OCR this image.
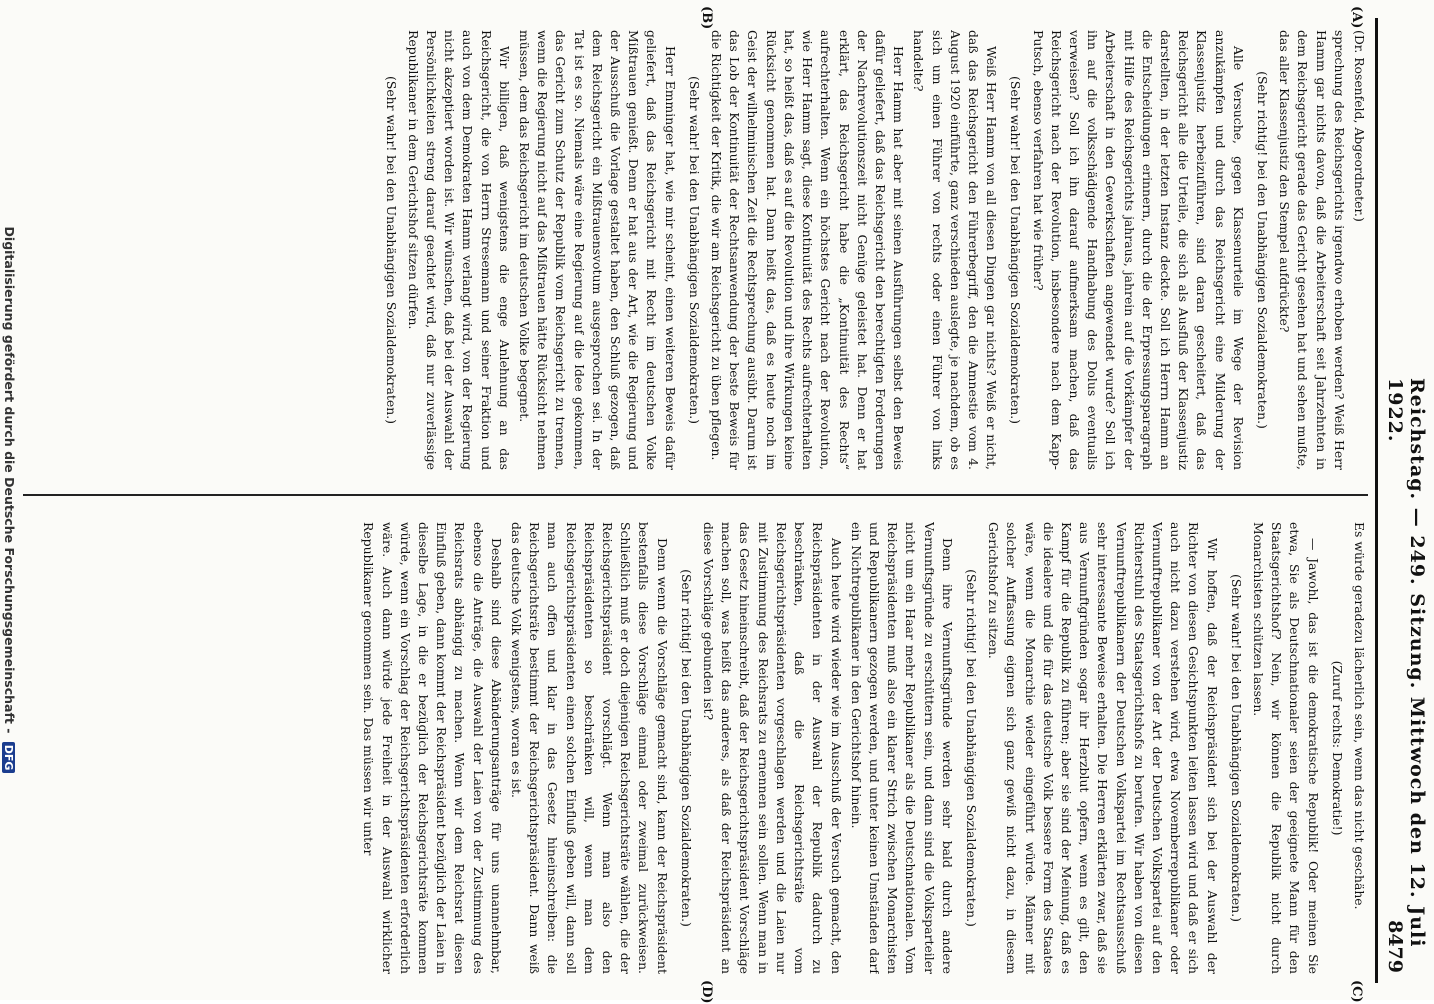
Reichstag. — 249. Sitzung. Mittwoch den 12. Juli 1922.
8479
(A)
(B)
(C)
(D)

(Dr. Rosenfeld, Abgeordneter.)

sprechung des Reichsgerichts irgendwo erhoben werden? Weiß Herr Hamm gar nichts davon, daß die Arbeiterschaft seit Jahrzehnten in dem Reichsgericht gerade das Gericht gesehen hat und sehen mußte, das aller Klassenjustiz den Stempel aufdrückte?

(Sehr richtig! bei den Unabhängigen Sozialdemokraten.)

Alle Versuche, gegen Klassenurteile im Wege der Revision anzukämpfen und durch das Reichsgericht eine Milderung der Klassenjustiz herbeizuführen, sind daran gescheitert, daß das Reichsgericht alle die Urteile, die sich als Ausfluß der Klassenjustiz darstellten, in der letzten Instanz deckte. Soll ich Herrn Hamm an die Entscheidungen erinnern, durch die der Erpressungsparagraph mit Hilfe des Reichsgerichts jahraus, jahrein auf die Vorkämpfer der Arbeiterschaft in den Gewerkschaften angewendet wurde? Soll ich ihn auf die volksschädigende Handhabung des Dolus eventualis verweisen? Soll ich ihn darauf aufmerksam machen, daß das Reichsgericht nach der Revolution, insbesondere nach dem Kapp-Putsch, ebenso verfahren hat wie früher?

(Sehr wahr! bei den Unabhängigen Sozialdemokraten.)

Weiß Herr Hamm von all diesen Dingen gar nichts? Weiß er nicht, daß das Reichsgericht den Führerbegriff, den die Amnestie vom 4. August 1920 einführte, ganz verschieden auslegte, je nachdem, ob es sich um einen Führer von rechts oder einen Führer von links handelte?

Herr Hamm hat aber mit seinen Ausführungen selbst den Beweis dafür geliefert, daß das Reichsgericht den berechtigten Forderungen der Nachrevolutionszeit nicht Genüge geleistet hat. Denn er hat erklärt, das Reichsgericht habe die „Kontinuität des Rechts“ aufrechterhalten. Wenn ein höchstes Gericht nach der Revolution, wie Herr Hamm sagt, diese Kontinuität des Rechts aufrechterhalten hat, so heißt das, daß es auf die Revolution und ihre Wirkungen keine Rücksicht genommen hat. Dann heißt das, daß es heute noch im Geist der wilhelminischen Zeit die Rechtsprechung ausübt. Darum ist das Lob der Kontinuität der Rechtsanwendung der beste Beweis für die Richtigkeit der Kritik, die wir am Reichsgericht zu üben pflegen.

(Sehr wahr! bei den Unabhängigen Sozialdemokraten.)

Herr Emminger hat, wie mir scheint, einen weiteren Beweis dafür geliefert, daß das Reichsgericht mit Recht im deutschen Volke Mißtrauen genießt. Denn er hat aus der Art, wie die Regierung und der Ausschuß die Vorlage gestaltet haben, den Schluß gezogen, daß dem Reichsgericht ein Mißtrauensvotum ausgesprochen sei. In der Tat ist es so. Niemals wäre eine Regierung auf die Idee gekommen, das Gericht zum Schutz der Republik vom Reichsgericht zu trennen, wenn die Regierung nicht auf das Mißtrauen hätte Rücksicht nehmen müssen, dem das Reichsgericht im deutschen Volke begegnet.

Wir billigen, daß wenigstens die enge Anlehnung an das Reichsgericht, die von Herrn Stresemann und seiner Fraktion und auch von dem Demokraten Hamm verlangt wird, von der Regierung nicht akzeptiert worden ist. Wir wünschen, daß bei der Auswahl der Persönlichkeiten streng darauf geachtet wird, daß nur zuverlässige Republikaner in dem Gerichtshof sitzen dürfen.

(Sehr wahr! bei den Unabhängigen Sozialdemokraten.)

Es würde geradezu lächerlich sein, wenn das nicht geschähe.

(Zuruf rechts: Demokratie!)

— Jawohl, das ist die demokratische Republik! Oder meinen Sie etwa, Sie als Deutschnationaler seien der geeignete Mann für den Staatsgerichtshof? Nein, wir können die Republik nicht durch Monarchisten schützen lassen.

(Sehr wahr! bei den Unabhängigen Sozialdemokraten.)

Wir hoffen, daß der Reichspräsident sich bei der Auswahl der Richter von diesen Gesichtspunkten leiten lassen wird und daß er sich auch nicht dazu verstehen wird, etwa Novemberrepublikaner oder Vernunftrepublikaner von der Art der Deutschen Volkspartei auf den Richterstuhl des Staatsgerichtshofs zu berufen. Wir haben von diesen Vernunftrepublikanern der Deutschen Volkspartei im Rechtsausschuß sehr interessante Beweise erhalten. Die Herren erklärten zwar, daß sie aus Vernunftgründen sogar ihr Herzblut opfern, wenn es gilt, den Kampf für die Republik zu führen; aber sie sind der Meinung, daß es die idealere und die für das deutsche Volk bessere Form des Staates wäre, wenn die Monarchie wieder eingeführt würde. Männer mit solcher Auffassung eignen sich ganz gewiß nicht dazu, in diesem Gerichtshof zu sitzen.

(Sehr richtig! bei den Unabhängigen Sozialdemokraten.)

Denn ihre Vernunftsgründe werden sehr bald durch andere Vernunftsgründe zu erschüttern sein, und dann sind die Volksparteiler nicht um ein Haar mehr Republikaner als die Deutschnationalen. Vom Reichspräsidenten muß also ein klarer Strich zwischen Monarchisten und Republikanern gezogen werden, und unter keinen Umständen darf ein Nichtrepublikaner in den Gerichtshof hinein.

Auch heute wird wieder wie im Ausschuß der Versuch gemacht, den Reichspräsidenten in der Auswahl der Republik dadurch zu beschränken, daß die Reichsgerichtsräte vom Reichsgerichtspräsidenten vorgeschlagen werden und die Laien nur mit Zustimmung des Reichsrats zu ernennen sein sollen. Wenn man in das Gesetz hineinschreibt, daß der Reichsgerichtspräsident Vorschläge machen soll, was heißt das anderes, als daß der Reichspräsident an diese Vorschläge gebunden ist?

(Sehr richtig! bei den Unabhängigen Sozialdemokraten.)

Denn wenn die Vorschläge gemacht sind, kann der Reichspräsident bestenfalls diese Vorschläge einmal oder zweimal zurückweisen. Schließlich muß er doch diejenigen Reichsgerichtsräte wählen, die der Reichsgerichtspräsident vorschlägt. Wenn man also den Reichspräsidenten so beschränken will, wenn man dem Reichsgerichtspräsidenten einen solchen Einfluß geben will, dann soll man auch offen und klar in das Gesetz hineinschreiben: die Reichsgerichtsräte bestimmt der Reichsgerichtspräsident. Dann weiß das deutsche Volk wenigstens, woran es ist.

Deshalb sind diese Abänderungsanträge für uns unannehmbar, ebenso die Anträge, die Auswahl der Laien von der Zustimmung des Reichsrats abhängig zu machen. Wenn wir dem Reichsrat diesen Einfluß geben, dann kommt der Reichspräsident bezüglich der Laien in dieselbe Lage, in die er bezüglich der Reichsgerichtsräte kommen würde, wenn ein Vorschlag der Reichsgerichtspräsidenten erforderlich wäre. Auch dann würde jede Freiheit in der Auswahl wirklicher Republikaner genommen sein. Das müssen wir unter

Digitalisierung gefördert durch die Deutsche Forschungsgemeinschaft - DFG
